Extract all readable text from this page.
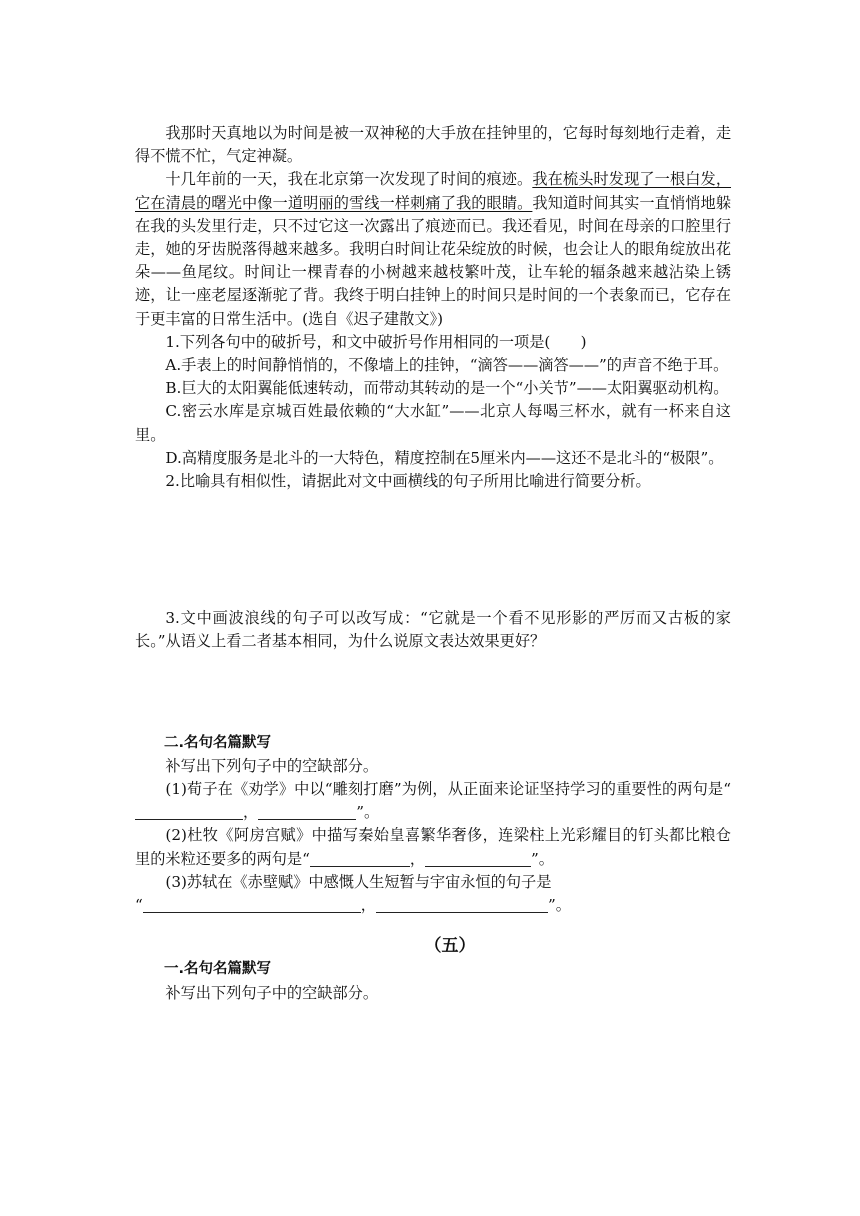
我那时天真地以为时间是被一双神秘的大手放在挂钟里的，它每时每刻地行走着，走得不慌不忙，气定神凝。

十几年前的一天，我在北京第一次发现了时间的痕迹。我在梳头时发现了一根白发，它在清晨的曙光中像一道明丽的雪线一样刺痛了我的眼睛。我知道时间其实一直悄悄地躲在我的头发里行走，只不过它这一次露出了痕迹而已。我还看见，时间在母亲的口腔里行走，她的牙齿脱落得越来越多。我明白时间让花朵绽放的时候，也会让人的眼角绽放出花朵——鱼尾纹。时间让一棵青春的小树越来越枝繁叶茂，让车轮的辐条越来越沾染上锈迹，让一座老屋逐渐驼了背。我终于明白挂钟上的时间只是时间的一个表象而已，它存在于更丰富的日常生活中。(选自《迟子建散文》)

1.下列各句中的破折号，和文中破折号作用相同的一项是(　　)

A.手表上的时间静悄悄的，不像墙上的挂钟，“滴答——滴答——”的声音不绝于耳。

B.巨大的太阳翼能低速转动，而带动其转动的是一个“小关节”——太阳翼驱动机构。

C.密云水库是京城百姓最依赖的“大水缸”——北京人每喝三杯水，就有一杯来自这里。

D.高精度服务是北斗的一大特色，精度控制在5厘米内——这还不是北斗的“极限”。

2.比喻具有相似性，请据此对文中画横线的句子所用比喻进行简要分析。

3.文中画波浪线的句子可以改写成：“它就是一个看不见形影的严厉而又古板的家长。”从语义上看二者基本相同，为什么说原文表达效果更好？

二.名句名篇默写

补写出下列句子中的空缺部分。

(1)荀子在《劝学》中以“雕刻打磨”为例，从正面来论证坚持学习的重要性的两句是“，	”。

(2)杜牧《阿房宫赋》中描写秦始皇喜繁华奢侈，连梁柱上光彩耀目的钉头都比粮仓里的米粒还要多的两句是“	，	”。

(3)苏轼在《赤壁赋》中感慨人生短暂与宇宙永恒的句子是

“	，	”。

（五）

一.名句名篇默写

补写出下列句子中的空缺部分。
